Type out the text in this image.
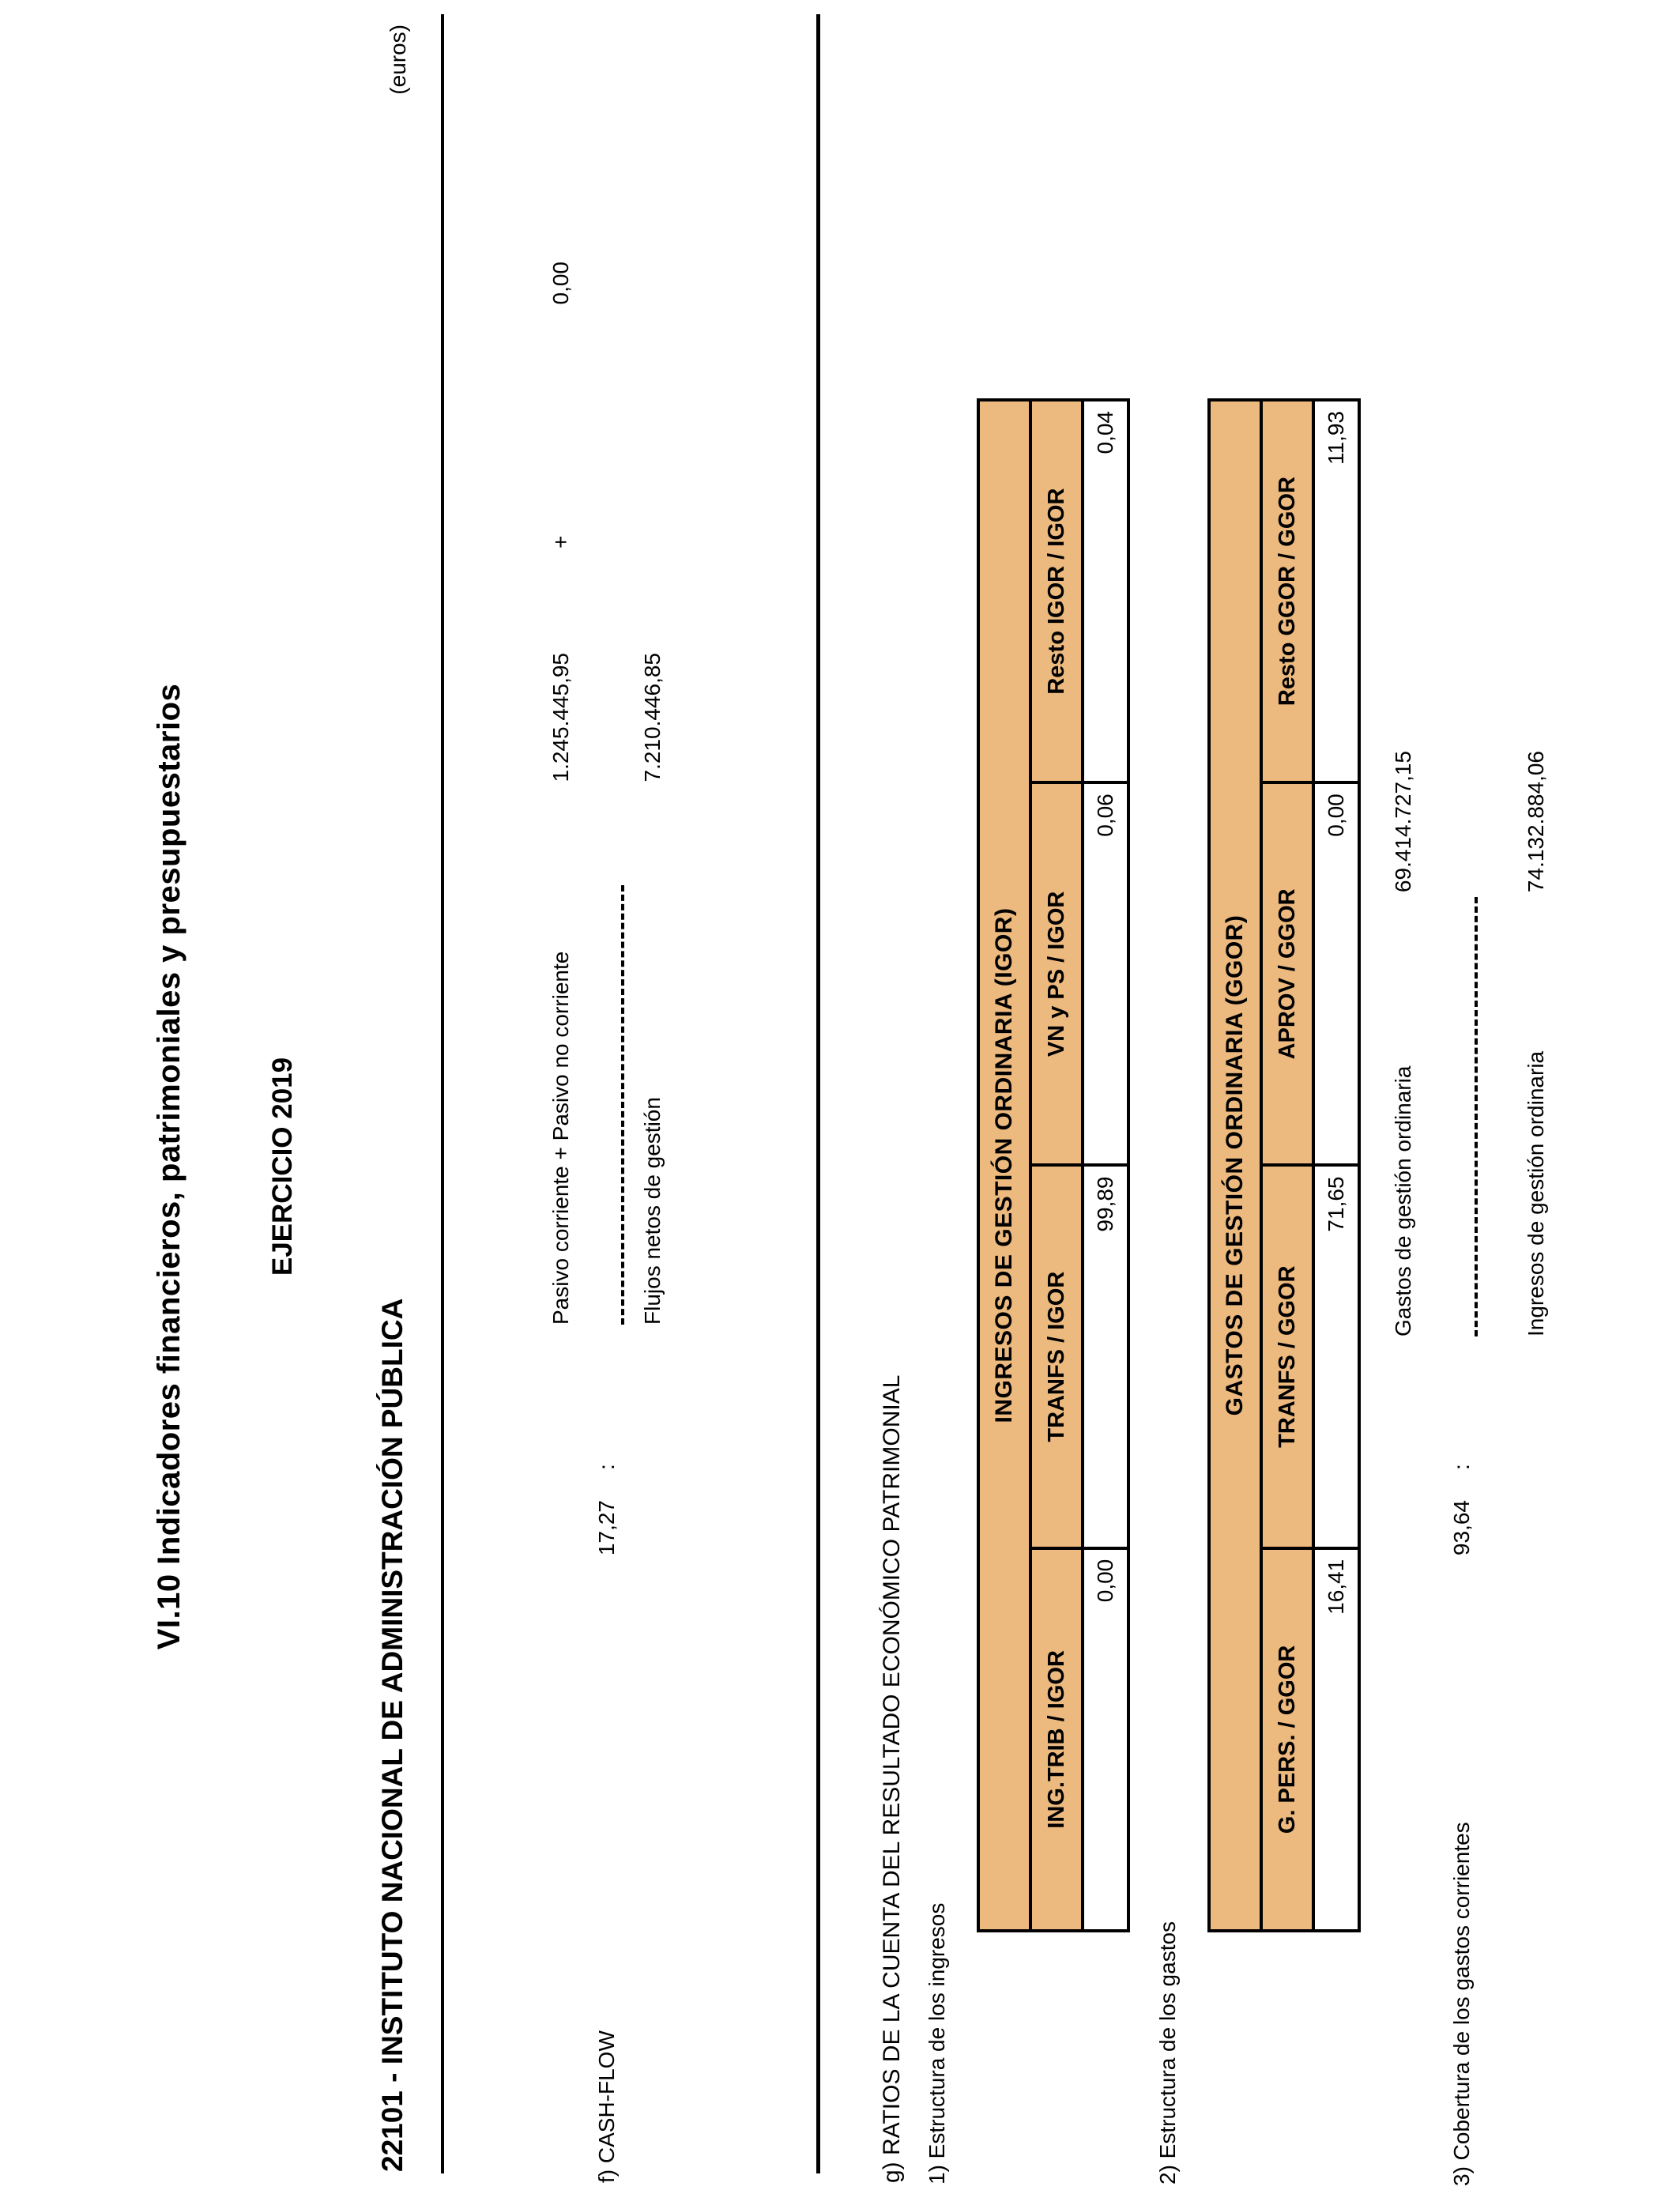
VI.10 Indicadores financieros, patrimoniales y presupuestarios	EJERCICIO 2019
22101 - INSTITUTO NACIONAL DE ADMINISTRACIÓN PÚBLICA
(euros)
Pasivo corriente + Pasivo no corriente
1.245.445,95
+
0,00
f) CASH-FLOW
17,27
:
Flujos netos de gestión
7.210.446,85
g) RATIOS DE LA CUENTA DEL RESULTADO ECONÓMICO PATRIMONIAL 1) Estructura de los ingresos
INGRESOS DE GESTIÓN ORDINARIA (IGOR)
ING.TRIB / IGOR
0,00
TRANFS / IGOR
99,89
VN y PS / IGOR
0,06
Resto IGOR / IGOR
0,04
2) Estructura de los gastos
GASTOS DE GESTIÓN ORDINARIA (GGOR)
G. PERS. / GGOR
16,41
TRANFS / GGOR
71,65
APROV / GGOR
0,00
Resto GGOR / GGOR
11,93
Gastos de gestión ordinaria
69.414.727,15
3) Cobertura de los gastos corrientes
93,64
:
Ingresos de gestión ordinaria
74.132.884,06
